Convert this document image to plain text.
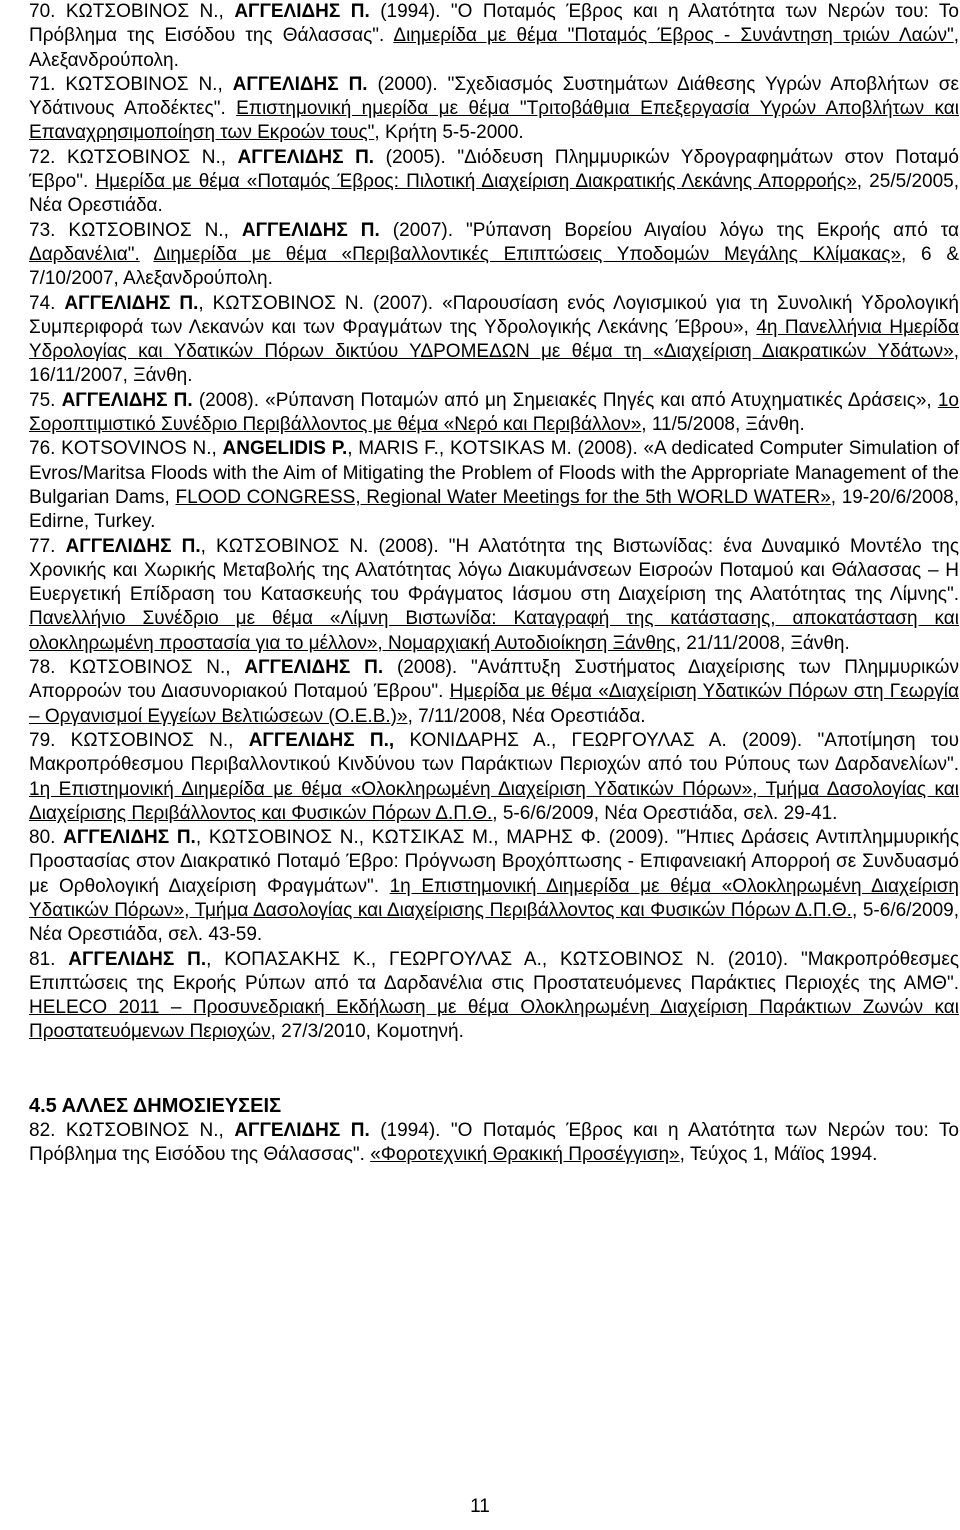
70. ΚΩΤΣΟΒΙΝΟΣ Ν., ΑΓΓΕΛΙΔΗΣ Π. (1994). "Ο Ποταμός Έβρος και η Αλατότητα των Νερών του: Το Πρόβλημα της Εισόδου της Θάλασσας". Διημερίδα με θέμα "Ποταμός Έβρος - Συνάντηση τριών Λαών", Αλεξανδρούπολη.

71. ΚΩΤΣΟΒΙΝΟΣ Ν., ΑΓΓΕΛΙΔΗΣ Π. (2000). "Σχεδιασμός Συστημάτων Διάθεσης Υγρών Αποβλήτων σε Υδάτινους Αποδέκτες". Επιστημονική ημερίδα με θέμα "Τριτοβάθμια Επεξεργασία Υγρών Αποβλήτων και Επαναχρησιμοποίηση των Εκροών τους", Κρήτη 5-5-2000.

72. ΚΩΤΣΟΒΙΝΟΣ Ν., ΑΓΓΕΛΙΔΗΣ Π. (2005). "Διόδευση Πλημμυρικών Υδρογραφημάτων στον Ποταμό Έβρο". Ημερίδα με θέμα «Ποταμός Έβρος: Πιλοτική Διαχείριση Διακρατικής Λεκάνης Απορροής», 25/5/2005, Νέα Ορεστιάδα.

73. ΚΩΤΣΟΒΙΝΟΣ Ν., ΑΓΓΕΛΙΔΗΣ Π. (2007). "Ρύπανση Βορείου Αιγαίου λόγω της Εκροής από τα Δαρδανέλια". Διημερίδα με θέμα «Περιβαλλοντικές Επιπτώσεις Υποδομών Μεγάλης Κλίμακας», 6 & 7/10/2007, Αλεξανδρούπολη.

74. ΑΓΓΕΛΙΔΗΣ Π., ΚΩΤΣΟΒΙΝΟΣ Ν. (2007). «Παρουσίαση ενός Λογισμικού για τη Συνολική Υδρολογική Συμπεριφορά των Λεκανών και των Φραγμάτων της Υδρολογικής Λεκάνης Έβρου», 4η Πανελλήνια Ημερίδα Υδρολογίας και Υδατικών Πόρων δικτύου ΥΔΡΟΜΕΔΩΝ με θέμα τη «Διαχείριση Διακρατικών Υδάτων», 16/11/2007, Ξάνθη.

75. ΑΓΓΕΛΙΔΗΣ Π. (2008). «Ρύπανση Ποταμών από μη Σημειακές Πηγές και από Ατυχηματικές Δράσεις», 1ο Σοροπτιμιστικό Συνέδριο Περιβάλλοντος με θέμα «Νερό και Περιβάλλον», 11/5/2008, Ξάνθη.

76. KOTSOVINOS N., ANGELIDIS P., MARIS F., KOTSIKAS M. (2008). «A dedicated Computer Simulation of Evros/Maritsa Floods with the Aim of Mitigating the Problem of Floods with the Appropriate Management of the Bulgarian Dams, FLOOD CONGRESS, Regional Water Meetings for the 5th WORLD WATER», 19-20/6/2008, Edirne, Turkey.

77. ΑΓΓΕΛΙΔΗΣ Π., ΚΩΤΣΟΒΙΝΟΣ Ν. (2008). "Η Αλατότητα της Βιστωνίδας: ένα Δυναμικό Μοντέλο της Χρονικής και Χωρικής Μεταβολής της Αλατότητας λόγω Διακυμάνσεων Εισροών Ποταμού και Θάλασσας – Η Ευεργετική Επίδραση του Κατασκευής του Φράγματος Ιάσμου στη Διαχείριση της Αλατότητας της Λίμνης". Πανελλήνιο Συνέδριο με θέμα «Λίμνη Βιστωνίδα: Καταγραφή της κατάστασης, αποκατάσταση και ολοκληρωμένη προστασία για το μέλλον», Νομαρχιακή Αυτοδιοίκηση Ξάνθης, 21/11/2008, Ξάνθη.

78. ΚΩΤΣΟΒΙΝΟΣ Ν., ΑΓΓΕΛΙΔΗΣ Π. (2008). "Ανάπτυξη Συστήματος Διαχείρισης των Πλημμυρικών Απορροών του Διασυνοριακού Ποταμού Έβρου". Ημερίδα με θέμα «Διαχείριση Υδατικών Πόρων στη Γεωργία – Οργανισμοί Εγγείων Βελτιώσεων (Ο.Ε.Β.)», 7/11/2008, Νέα Ορεστιάδα.

79. ΚΩΤΣΟΒΙΝΟΣ Ν., ΑΓΓΕΛΙΔΗΣ Π., ΚΟΝΙΔΑΡΗΣ Α., ΓΕΩΡΓΟΥΛΑΣ Α. (2009). "Αποτίμηση του Μακροπρόθεσμου Περιβαλλοντικού Κινδύνου των Παράκτιων Περιοχών από του Ρύπους των Δαρδανελίων". 1η Επιστημονική Διημερίδα με θέμα «Ολοκληρωμένη Διαχείριση Υδατικών Πόρων», Τμήμα Δασολογίας και Διαχείρισης Περιβάλλοντος και Φυσικών Πόρων Δ.Π.Θ., 5-6/6/2009, Νέα Ορεστιάδα, σελ. 29-41.

80. ΑΓΓΕΛΙΔΗΣ Π., ΚΩΤΣΟΒΙΝΟΣ Ν., ΚΩΤΣΙΚΑΣ Μ., ΜΑΡΗΣ Φ. (2009). "Ήπιες Δράσεις Αντιπλημμυρικής Προστασίας στον Διακρατικό Ποταμό Έβρο: Πρόγνωση Βροχόπτωσης - Επιφανειακή Απορροή σε Συνδυασμό με Ορθολογική Διαχείριση Φραγμάτων". 1η Επιστημονική Διημερίδα με θέμα «Ολοκληρωμένη Διαχείριση Υδατικών Πόρων», Τμήμα Δασολογίας και Διαχείρισης Περιβάλλοντος και Φυσικών Πόρων Δ.Π.Θ., 5-6/6/2009, Νέα Ορεστιάδα, σελ. 43-59.

81. ΑΓΓΕΛΙΔΗΣ Π., ΚΟΠΑΣΑΚΗΣ Κ., ΓΕΩΡΓΟΥΛΑΣ Α., ΚΩΤΣΟΒΙΝΟΣ Ν. (2010). "Μακροπρόθεσμες Επιπτώσεις της Εκροής Ρύπων από τα Δαρδανέλια στις Προστατευόμενες Παράκτιες Περιοχές της ΑΜΘ". HELECO 2011 – Προσυνεδριακή Εκδήλωση με θέμα Ολοκληρωμένη Διαχείριση Παράκτιων Ζωνών και Προστατευόμενων Περιοχών, 27/3/2010, Κομοτηνή.

4.5 ΑΛΛΕΣ ΔΗΜΟΣΙΕΥΣΕΙΣ

82. ΚΩΤΣΟΒΙΝΟΣ Ν., ΑΓΓΕΛΙΔΗΣ Π. (1994). "Ο Ποταμός Έβρος και η Αλατότητα των Νερών του: Το Πρόβλημα της Εισόδου της Θάλασσας". «Φοροτεχνική Θρακική Προσέγγιση», Τεύχος 1, Μάϊος 1994.

11
